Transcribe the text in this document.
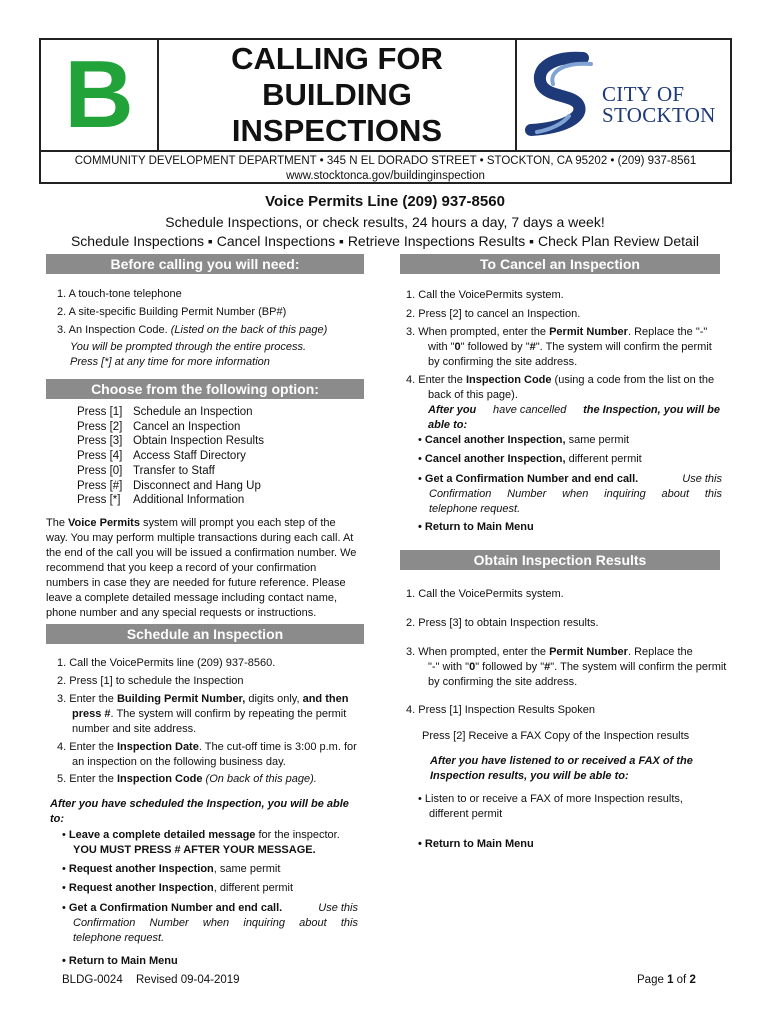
B	CALLING FOR BUILDING
INSPECTIONS
CITY OF
STOCKTON
COMMUNITY DEVELOPMENT DEPARTMENT • 345 N EL DORADO STREET • STOCKTON, CA 95202 • (209) 937-8561
www.stocktonca.gov/buildinginspection
Voice Permits Line (209) 937-8560
Schedule Inspections, or check results, 24 hours a day, 7 days a week!
Schedule Inspections ▪ Cancel Inspections ▪ Retrieve Inspections Results ▪ Check Plan Review Detail
Before calling you will need:
1. A touch-tone telephone
2. A site-specific Building Permit Number (BP#)
3. An Inspection Code. (Listed on the back of this page)
You will be prompted through the entire process.
Press [*] at any time for more information
Choose from the following option:
Press [1] Schedule an Inspection
Press [2] Cancel an Inspection
Press [3] Obtain Inspection Results
Press [4] Access Staff Directory
Press [0] Transfer to Staff
Press [#] Disconnect and Hang Up
Press [*] Additional Information
The Voice Permits system will prompt you each step of the
way. You may perform multiple transactions during each call. At
the end of the call you will be issued a confirmation number. We
recommend that you keep a record of your confirmation
numbers in case they are needed for future reference. Please
leave a complete detailed message including contact name,
phone number and any special requests or instructions.
Schedule an Inspection
1. Call the VoicePermits line (209) 937-8560.
2. Press [1] to schedule the Inspection
3. Enter the Building Permit Number, digits only, and then
press #. The system will confirm by repeating the permit
number and site address.
4. Enter the Inspection Date. The cut-off time is 3:00 p.m. for
an inspection on the following business day.
5. Enter the Inspection Code (On back of this page).
After you have scheduled the Inspection, you will be able
to:
• Leave a complete detailed message for the inspector.
YOU MUST PRESS # AFTER YOUR MESSAGE.
• Request another Inspection, same permit
• Request another Inspection, different permit
• Get a Confirmation Number and end call.	Use this
Confirmation Number when inquiring about this
telephone request.
• Return to Main Menu
To Cancel an Inspection
1. Call the VoicePermits system.
2. Press [2] to cancel an Inspection.
3. When prompted, enter the Permit Number. Replace the "-"
with "0" followed by "#". The system will confirm the permit
by confirming the site address.
4. Enter the Inspection Code (using a code from the list on the
back of this page).
After you have cancelled the Inspection, you will be
able to:
• Cancel another Inspection, same permit
• Cancel another Inspection, different permit
• Get a Confirmation Number and end call.	Use this
Confirmation Number when inquiring about this
telephone request.
• Return to Main Menu
Obtain Inspection Results
1. Call the VoicePermits system.
2. Press [3] to obtain Inspection results.
3. When prompted, enter the Permit Number. Replace the
"-" with "0" followed by "#". The system will confirm the permit
by confirming the site address.
4. Press [1] Inspection Results Spoken
Press [2] Receive a FAX Copy of the Inspection results
After you have listened to or received a FAX of the
Inspection results, you will be able to:
• Listen to or receive a FAX of more Inspection results,
different permit
• Return to Main Menu
BLDG-0024 Revised 09-04-2019	Page 1 of 2
